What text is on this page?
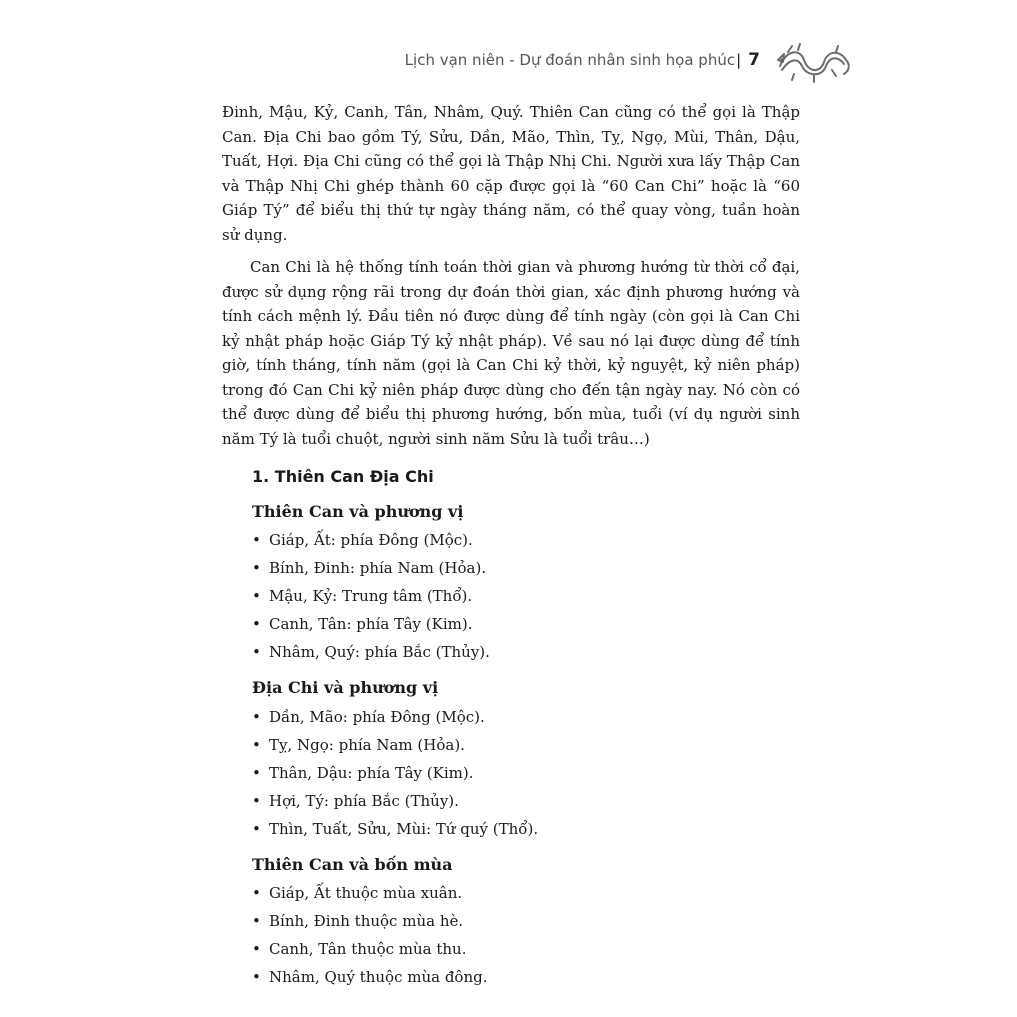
Lịch vạn niên - Dự đoán nhân sinh họa phúc| 7

Đinh, Mậu, Kỷ, Canh, Tân, Nhâm, Quý. Thiên Can cũng có thể gọi là Thập Can. Địa Chi bao gồm Tý, Sửu, Dần, Mão, Thìn, Tỵ, Ngọ, Mùi, Thân, Dậu, Tuất, Hợi. Địa Chi cũng có thể gọi là Thập Nhị Chi. Người xưa lấy Thập Can và Thập Nhị Chi ghép thành 60 cặp được gọi là “60 Can Chi” hoặc là “60 Giáp Tý” để biểu thị thứ tự ngày tháng năm, có thể quay vòng, tuần hoàn sử dụng.

Can Chi là hệ thống tính toán thời gian và phương hướng từ thời cổ đại, được sử dụng rộng rãi trong dự đoán thời gian, xác định phương hướng và tính cách mệnh lý. Đầu tiên nó được dùng để tính ngày (còn gọi là Can Chi kỷ nhật pháp hoặc Giáp Tý kỷ nhật pháp). Về sau nó lại được dùng để tính giờ, tính tháng, tính năm (gọi là Can Chi kỷ thời, kỷ nguyệt, kỷ niên pháp) trong đó Can Chi kỷ niên pháp được dùng cho đến tận ngày nay. Nó còn có thể được dùng để biểu thị phương hướng, bốn mùa, tuổi (ví dụ người sinh năm Tý là tuổi chuột, người sinh năm Sửu là tuổi trâu…)

1. Thiên Can Địa Chi
Thiên Can và phương vị
• Giáp, Ất: phía Đông (Mộc).
• Bính, Đinh: phía Nam (Hỏa).
• Mậu, Kỷ: Trung tâm (Thổ).
• Canh, Tân: phía Tây (Kim).
• Nhâm, Quý: phía Bắc (Thủy).
Địa Chi và phương vị
• Dần, Mão: phía Đông (Mộc).
• Tỵ, Ngọ: phía Nam (Hỏa).
• Thân, Dậu: phía Tây (Kim).
• Hợi, Tý: phía Bắc (Thủy).
• Thìn, Tuất, Sửu, Mùi: Tứ quý (Thổ).
Thiên Can và bốn mùa
• Giáp, Ất thuộc mùa xuân.
• Bính, Đinh thuộc mùa hè.
• Canh, Tân thuộc mùa thu.
• Nhâm, Quý thuộc mùa đông.
